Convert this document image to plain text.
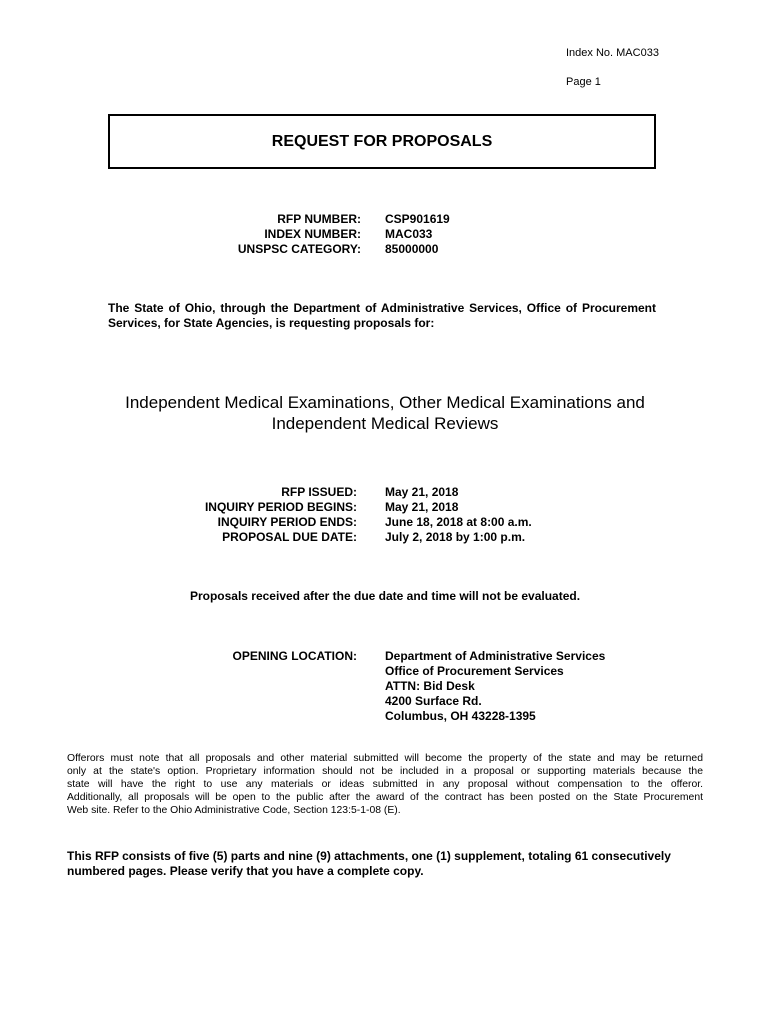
Index No. MAC033
Page 1
REQUEST FOR PROPOSALS
RFP NUMBER: CSP901619
INDEX NUMBER: MAC033
UNSPSC CATEGORY: 85000000
The State of Ohio, through the Department of Administrative Services, Office of Procurement Services, for State Agencies, is requesting proposals for:
Independent Medical Examinations, Other Medical Examinations and
Independent Medical Reviews
RFP ISSUED: May 21, 2018
INQUIRY PERIOD BEGINS: May 21, 2018
INQUIRY PERIOD ENDS: June 18, 2018 at 8:00 a.m.
PROPOSAL DUE DATE: July 2, 2018 by 1:00 p.m.
Proposals received after the due date and time will not be evaluated.
OPENING LOCATION: Department of Administrative Services
Office of Procurement Services
ATTN: Bid Desk
4200 Surface Rd.
Columbus, OH 43228-1395
Offerors must note that all proposals and other material submitted will become the property of the state and may be returned
only at the state's option. Proprietary information should not be included in a proposal or supporting materials because the
state will have the right to use any materials or ideas submitted in any proposal without compensation to the offeror.
Additionally, all proposals will be open to the public after the award of the contract has been posted on the State Procurement
Web site. Refer to the Ohio Administrative Code, Section 123:5-1-08 (E).
This RFP consists of five (5) parts and nine (9) attachments, one (1) supplement, totaling 61 consecutively
numbered pages. Please verify that you have a complete copy.
